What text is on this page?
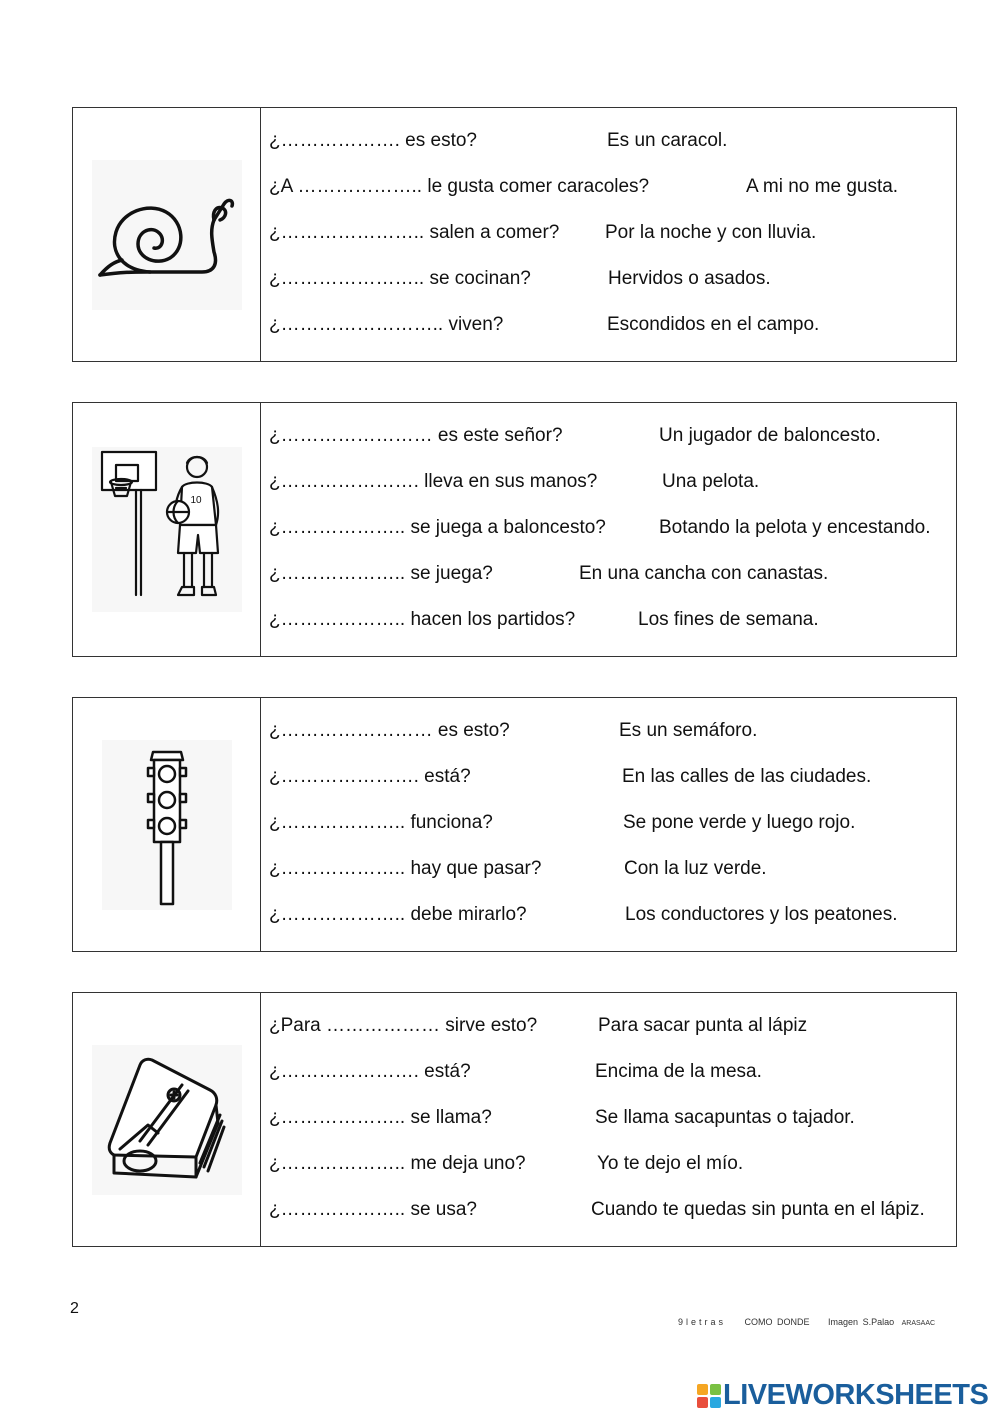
¿………………. es esto?	Es un caracol.
¿A ……………….. le gusta comer caracoles?	A mi no me gusta.
¿………………….. salen a comer? Por la noche y con lluvia.
¿………………….. se cocinan?	Hervidos o asados.
¿…………………….. viven?	Escondidos en el campo.
10
¿…………………… es este señor?	Un jugador de baloncesto.
¿…………………. lleva en sus manos?	Una pelota.
¿……………….. se juega a baloncesto?	Botando la pelota y encestando.
¿……………….. se juega?	En una cancha con canastas.
¿……………….. hacen los partidos?	Los fines de semana.
¿…………………… es esto?	Es un semáforo.
¿…………………. está?	En las calles de las ciudades.
¿……………….. funciona?	Se pone verde y luego rojo.
¿……………….. hay que pasar?	Con la luz verde.
¿……………….. debe mirarlo?	Los conductores y los peatones.
¿Para ……………… sirve esto?	Para sacar punta al lápiz
¿…………………. está?	Encima de la mesa.
¿……………….. se llama?	Se llama sacapuntas o tajador.
¿……………….. me deja uno?	Yo te dejo el mío.
¿……………….. se usa?	Cuando te quedas sin punta en el lápiz.
2
9letras COMO DONDE Imagen S.Palao ARASAAC
LIVEWORKSHEETS
